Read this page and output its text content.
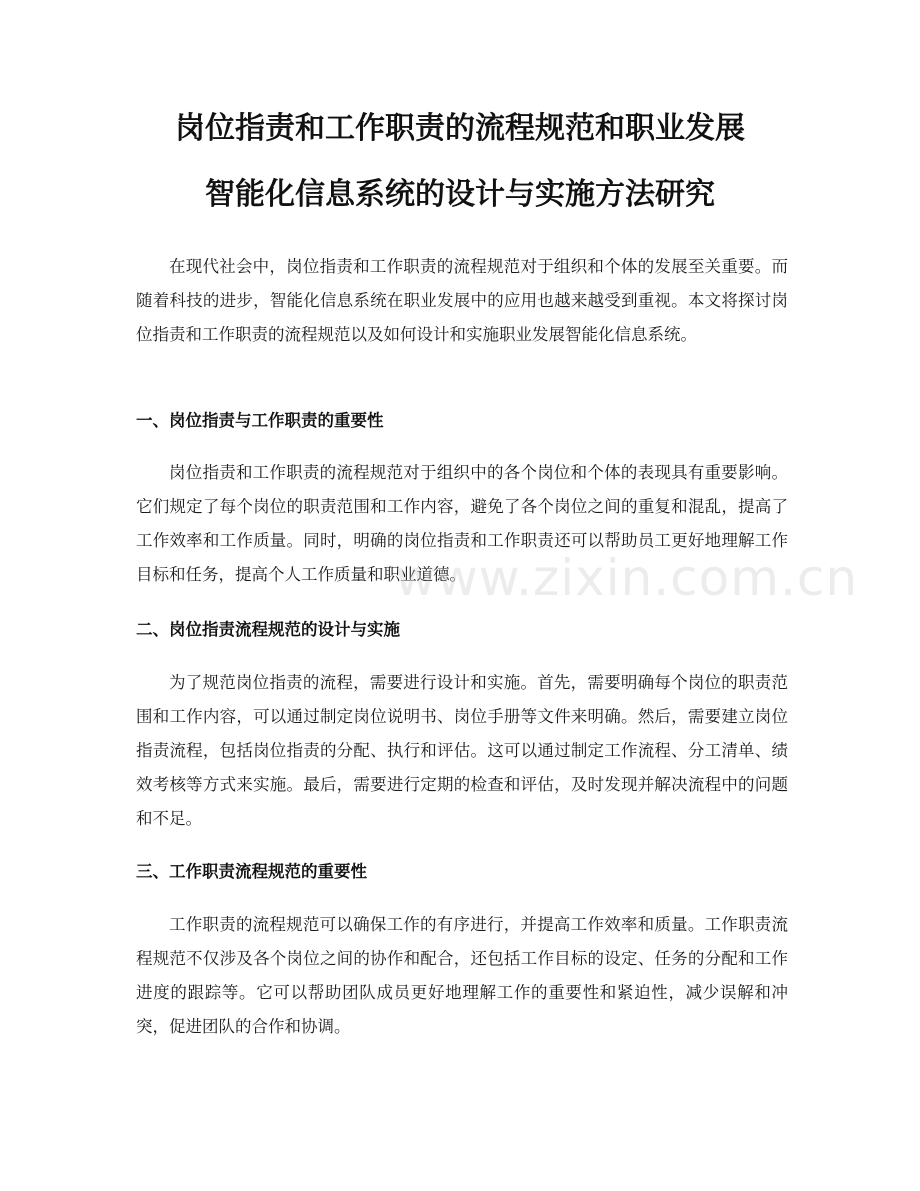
岗位指责和工作职责的流程规范和职业发展
智能化信息系统的设计与实施方法研究

在现代社会中，岗位指责和工作职责的流程规范对于组织和个体的发展至关重要。而随着科技的进步，智能化信息系统在职业发展中的应用也越来越受到重视。本文将探讨岗位指责和工作职责的流程规范以及如何设计和实施职业发展智能化信息系统。

一、岗位指责与工作职责的重要性

岗位指责和工作职责的流程规范对于组织中的各个岗位和个体的表现具有重要影响。它们规定了每个岗位的职责范围和工作内容，避免了各个岗位之间的重复和混乱，提高了工作效率和工作质量。同时，明确的岗位指责和工作职责还可以帮助员工更好地理解工作目标和任务，提高个人工作质量和职业道德。

二、岗位指责流程规范的设计与实施

为了规范岗位指责的流程，需要进行设计和实施。首先，需要明确每个岗位的职责范围和工作内容，可以通过制定岗位说明书、岗位手册等文件来明确。然后，需要建立岗位指责流程，包括岗位指责的分配、执行和评估。这可以通过制定工作流程、分工清单、绩效考核等方式来实施。最后，需要进行定期的检查和评估，及时发现并解决流程中的问题和不足。

三、工作职责流程规范的重要性

工作职责的流程规范可以确保工作的有序进行，并提高工作效率和质量。工作职责流程规范不仅涉及各个岗位之间的协作和配合，还包括工作目标的设定、任务的分配和工作进度的跟踪等。它可以帮助团队成员更好地理解工作的重要性和紧迫性，减少误解和冲突，促进团队的合作和协调。

www.zixin.com.cn
